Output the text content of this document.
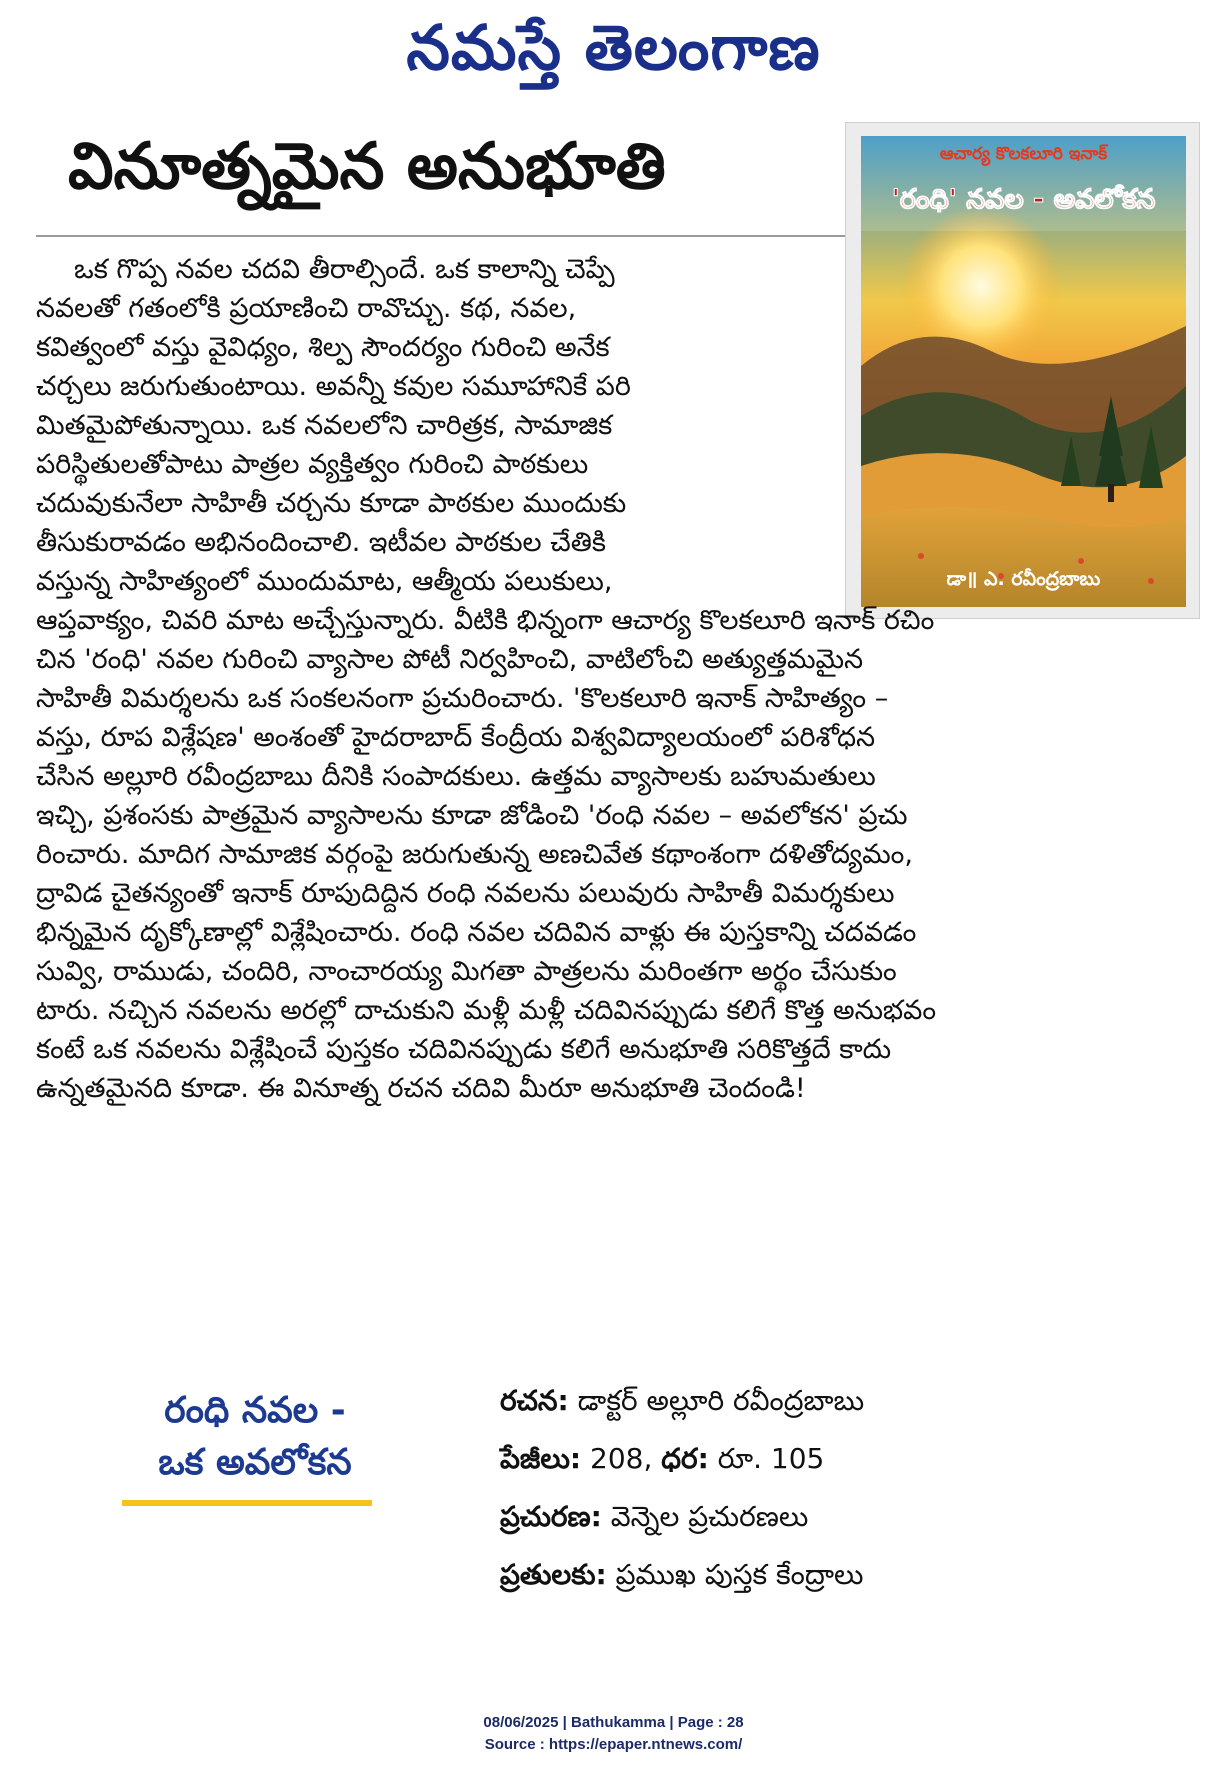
నమస్తే తెలంగాణ
వినూత్నమైన అనుభూతి	ఆచార్య కొలకలూరి ఇనాక్
'రంధి' నవల - అవలోకన
డా॥ ఎ. రవీంద్రబాబు

ఒక గొప్ప నవల చదవి తీరాల్సిందే. ఒక కాలాన్ని చెప్పే
నవలతో గతంలోకి ప్రయాణించి రావొచ్చు. కథ, నవల,
కవిత్వంలో వస్తు వైవిధ్యం, శిల్ప సౌందర్యం గురించి అనేక
చర్చలు జరుగుతుంటాయి. అవన్నీ కవుల సమూహానికే పరి
మితమైపోతున్నాయి. ఒక నవలలోని చారిత్రక, సామాజిక
పరిస్థితులతోపాటు పాత్రల వ్యక్తిత్వం గురించి పాఠకులు
చదువుకునేలా సాహితీ చర్చను కూడా పాఠకుల ముందుకు
తీసుకురావడం అభినందించాలి. ఇటీవల పాఠకుల చేతికి
వస్తున్న సాహిత్యంలో ముందుమాట, ఆత్మీయ పలుకులు,
ఆప్తవాక్యం, చివరి మాట అచ్చేస్తున్నారు. వీటికి భిన్నంగా ఆచార్య కొలకలూరి ఇనాక్ రచిం
చిన 'రంధి' నవల గురించి వ్యాసాల పోటీ నిర్వహించి, వాటిలోంచి అత్యుత్తమమైన
సాహితీ విమర్శలను ఒక సంకలనంగా ప్రచురించారు. 'కొలకలూరి ఇనాక్ సాహిత్యం –
వస్తు, రూప విశ్లేషణ' అంశంతో హైదరాబాద్ కేంద్రీయ విశ్వవిద్యాలయంలో పరిశోధన
చేసిన అల్లూరి రవీంద్రబాబు దీనికి సంపాదకులు. ఉత్తమ వ్యాసాలకు బహుమతులు
ఇచ్చి, ప్రశంసకు పాత్రమైన వ్యాసాలను కూడా జోడించి 'రంధి నవల – అవలోకన' ప్రచు
రించారు. మాదిగ సామాజిక వర్గంపై జరుగుతున్న అణచివేత కథాంశంగా దళితోద్యమం,
ద్రావిడ చైతన్యంతో ఇనాక్ రూపుదిద్దిన రంధి నవలను పలువురు సాహితీ విమర్శకులు
భిన్నమైన దృక్కోణాల్లో విశ్లేషించారు. రంధి నవల చదివిన వాళ్లు ఈ పుస్తకాన్ని చదవడం
సువ్వి, రాముడు, చందిరి, నాంచారయ్య మిగతా పాత్రలను మరింతగా అర్థం చేసుకుం
టారు. నచ్చిన నవలను అరల్లో దాచుకుని మళ్లీ మళ్లీ చదివినప్పుడు కలిగే కొత్త అనుభవం
కంటే ఒక నవలను విశ్లేషించే పుస్తకం చదివినప్పుడు కలిగే అనుభూతి సరికొత్తదే కాదు
ఉన్నతమైనది కూడా. ఈ వినూత్న రచన చదివి మీరూ అనుభూతి చెందండి!

రంధి నవల -
ఒక అవలోకన
రచన: డాక్టర్ అల్లూరి రవీంద్రబాబు
పేజీలు: 208, ధర: రూ. 105
ప్రచురణ: వెన్నెల ప్రచురణలు
ప్రతులకు: ప్రముఖ పుస్తక కేంద్రాలు
08/06/2025 | Bathukamma | Page : 28
Source : https://epaper.ntnews.com/
